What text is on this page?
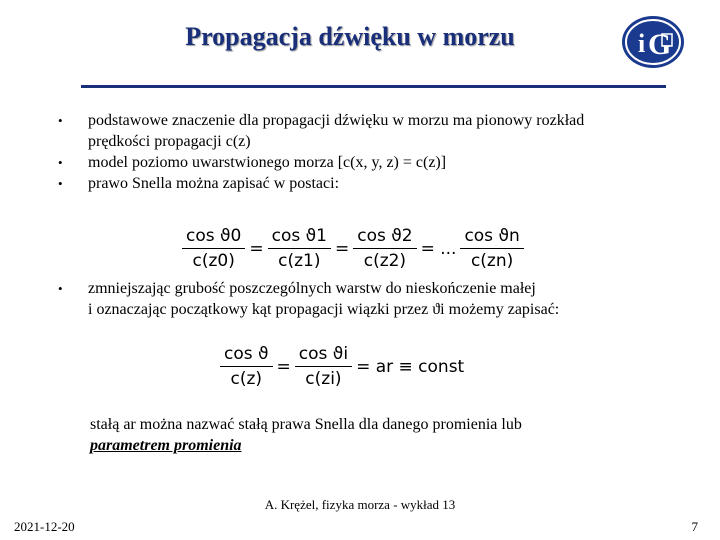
Propagacja dźwięku w morzu	i G
•	podstawowe znaczenie dla propagacji dźwięku w morzu ma pionowy rozkład
prędkości propagacji c(z)
•	model poziomo uwarstwionego morza [c(x, y, z) = c(z)]
•	prawo Snella można zapisać w postaci:
•	zmniejszając grubość poszczególnych warstw do nieskończenie małej
i oznaczając początkowy kąt propagacji wiązki przez ϑi możemy zapisać:
$\frac{\text{cos ϑ0}}{c(z0)} = \frac{\text{cos ϑ1}}{c(z1)} = \frac{\text{cos ϑ2}}{c(z2)}$ = ... $\frac{\text{cos ϑn}}{c(zn)}$
$\frac{\text{cos ϑ}}{c(z)} = \frac{\text{cos ϑi}}{c(zi)}$ = ar ≡ const
stałą ar można nazwać stałą prawa Snella dla danego promienia lub
parametrem promienia
A. Krężel, fizyka morza - wykład 13
2021-12-20	7
